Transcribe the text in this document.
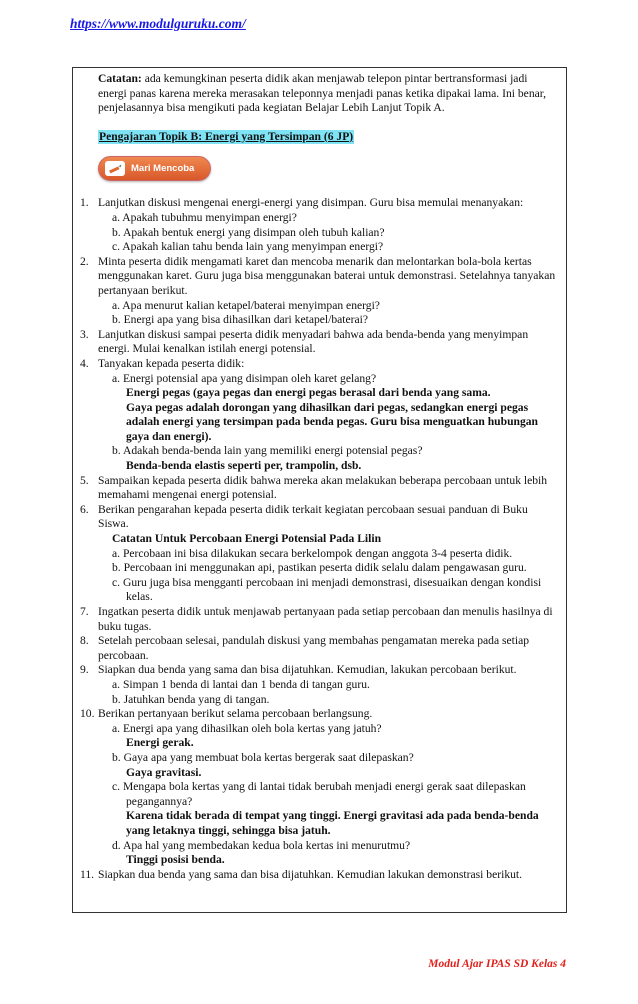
https://www.modulguruku.com/

Catatan: ada kemungkinan peserta didik akan menjawab telepon pintar bertransformasi jadi energi panas karena mereka merasakan teleponnya menjadi panas ketika dipakai lama. Ini benar, penjelasannya bisa mengikuti pada kegiatan Belajar Lebih Lanjut Topik A.

Pengajaran Topik B: Energi yang Tersimpan (6 JP)
Mari Mencoba
1. Lanjutkan diskusi mengenai energi-energi yang disimpan. Guru bisa memulai menanyakan:

a. Apakah tubuhmu menyimpan energi?

b. Apakah bentuk energi yang disimpan oleh tubuh kalian?

c. Apakah kalian tahu benda lain yang menyimpan energi?

2. Minta peserta didik mengamati karet dan mencoba menarik dan melontarkan bola-bola kertas menggunakan karet. Guru juga bisa menggunakan baterai untuk demonstrasi. Setelahnya tanyakan pertanyaan berikut.

a. Apa menurut kalian ketapel/baterai menyimpan energi?

b. Energi apa yang bisa dihasilkan dari ketapel/baterai?

3. Lanjutkan diskusi sampai peserta didik menyadari bahwa ada benda-benda yang menyimpan energi. Mulai kenalkan istilah energi potensial.

4. Tanyakan kepada peserta didik:

a. Energi potensial apa yang disimpan oleh karet gelang?

Energi pegas (gaya pegas dan energi pegas berasal dari benda yang sama.

Gaya pegas adalah dorongan yang dihasilkan dari pegas, sedangkan energi pegas adalah energi yang tersimpan pada benda pegas. Guru bisa menguatkan hubungan gaya dan energi).

b. Adakah benda-benda lain yang memiliki energi potensial pegas?

Benda-benda elastis seperti per, trampolin, dsb.

5. Sampaikan kepada peserta didik bahwa mereka akan melakukan beberapa percobaan untuk lebih memahami mengenai energi potensial.

6. Berikan pengarahan kepada peserta didik terkait kegiatan percobaan sesuai panduan di Buku Siswa.

Catatan Untuk Percobaan Energi Potensial Pada Lilin

a. Percobaan ini bisa dilakukan secara berkelompok dengan anggota 3-4 peserta didik.

b. Percobaan ini menggunakan api, pastikan peserta didik selalu dalam pengawasan guru.

c. Guru juga bisa mengganti percobaan ini menjadi demonstrasi, disesuaikan dengan kondisi kelas.

7. Ingatkan peserta didik untuk menjawab pertanyaan pada setiap percobaan dan menulis hasilnya di buku tugas.

8. Setelah percobaan selesai, pandulah diskusi yang membahas pengamatan mereka pada setiap percobaan.

9. Siapkan dua benda yang sama dan bisa dijatuhkan. Kemudian, lakukan percobaan berikut.

a. Simpan 1 benda di lantai dan 1 benda di tangan guru.

b. Jatuhkan benda yang di tangan.

10. Berikan pertanyaan berikut selama percobaan berlangsung.

a. Energi apa yang dihasilkan oleh bola kertas yang jatuh?

Energi gerak.

b. Gaya apa yang membuat bola kertas bergerak saat dilepaskan?

Gaya gravitasi.

c. Mengapa bola kertas yang di lantai tidak berubah menjadi energi gerak saat dilepaskan pegangannya?

Karena tidak berada di tempat yang tinggi. Energi gravitasi ada pada benda-benda yang letaknya tinggi, sehingga bisa jatuh.

d. Apa hal yang membedakan kedua bola kertas ini menurutmu?

Tinggi posisi benda.

11. Siapkan dua benda yang sama dan bisa dijatuhkan. Kemudian lakukan demonstrasi berikut.

Modul Ajar IPAS SD Kelas 4
